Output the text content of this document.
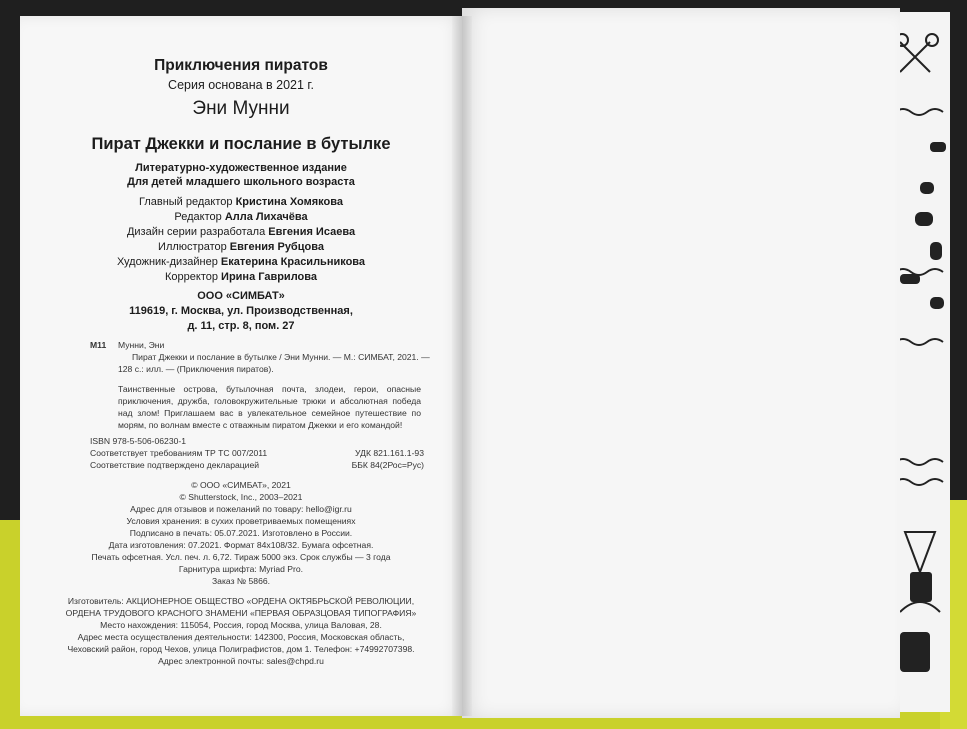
Приключения пиратов
Серия основана в 2021 г.
Эни Мунни
Пират Джекки и послание в бутылке
Литературно-художественное издание
Для детей младшего школьного возраста
Главный редактор Кристина Хомякова
Редактор Алла Лихачёва
Дизайн серии разработала Евгения Исаева
Иллюстратор Евгения Рубцова
Художник-дизайнер Екатерина Красильникова
Корректор Ирина Гаврилова
ООО «СИМБАТ»
119619, г. Москва, ул. Производственная,
д. 11, стр. 8, пом. 27
М11 Мунни, Эни
Пират Джекки и послание в бутылке / Эни Мунни. — М.: СИМБАТ, 2021. —
128 с.: илл. — (Приключения пиратов).
Таинственные острова, бутылочная почта, злодеи, герои, опасные
приключения, дружба, головокружительные трюки и абсолютная победа
над злом! Приглашаем вас в увлекательное семейное путешествие по
морям, по волнам вместе с отважным пиратом Джекки и его командой!
ISBN 978-5-506-06230-1
Соответствует требованиям ТР ТС 007/2011
Соответствие подтверждено декларацией
УДК 821.161.1-93
ББК 84(2Рос=Рус)
© ООО «СИМБАТ», 2021
© Shutterstock, Inc., 2003–2021
Адрес для отзывов и пожеланий по товару: hello@igr.ru
Условия хранения: в сухих проветриваемых помещениях
Подписано в печать: 05.07.2021. Изготовлено в России.
Дата изготовления: 07.2021. Формат 84х108/32. Бумага офсетная.
Печать офсетная. Усл. печ. л. 6,72. Тираж 5000 экз. Срок службы — 3 года
Гарнитура шрифта: Myriad Pro.
Заказ № 5866.
Изготовитель: АКЦИОНЕРНОЕ ОБЩЕСТВО «ОРДЕНА ОКТЯБРЬСКОЙ РЕВОЛЮЦИИ,
ОРДЕНА ТРУДОВОГО КРАСНОГО ЗНАМЕНИ «ПЕРВАЯ ОБРАЗЦОВАЯ ТИПОГРАФИЯ»
Место нахождения: 115054, Россия, город Москва, улица Валовая, 28.
Адрес места осуществления деятельности: 142300, Россия, Московская область,
Чеховский район, город Чехов, улица Полиграфистов, дом 1. Телефон: +74992707398.
Адрес электронной почты: sales@chpd.ru
